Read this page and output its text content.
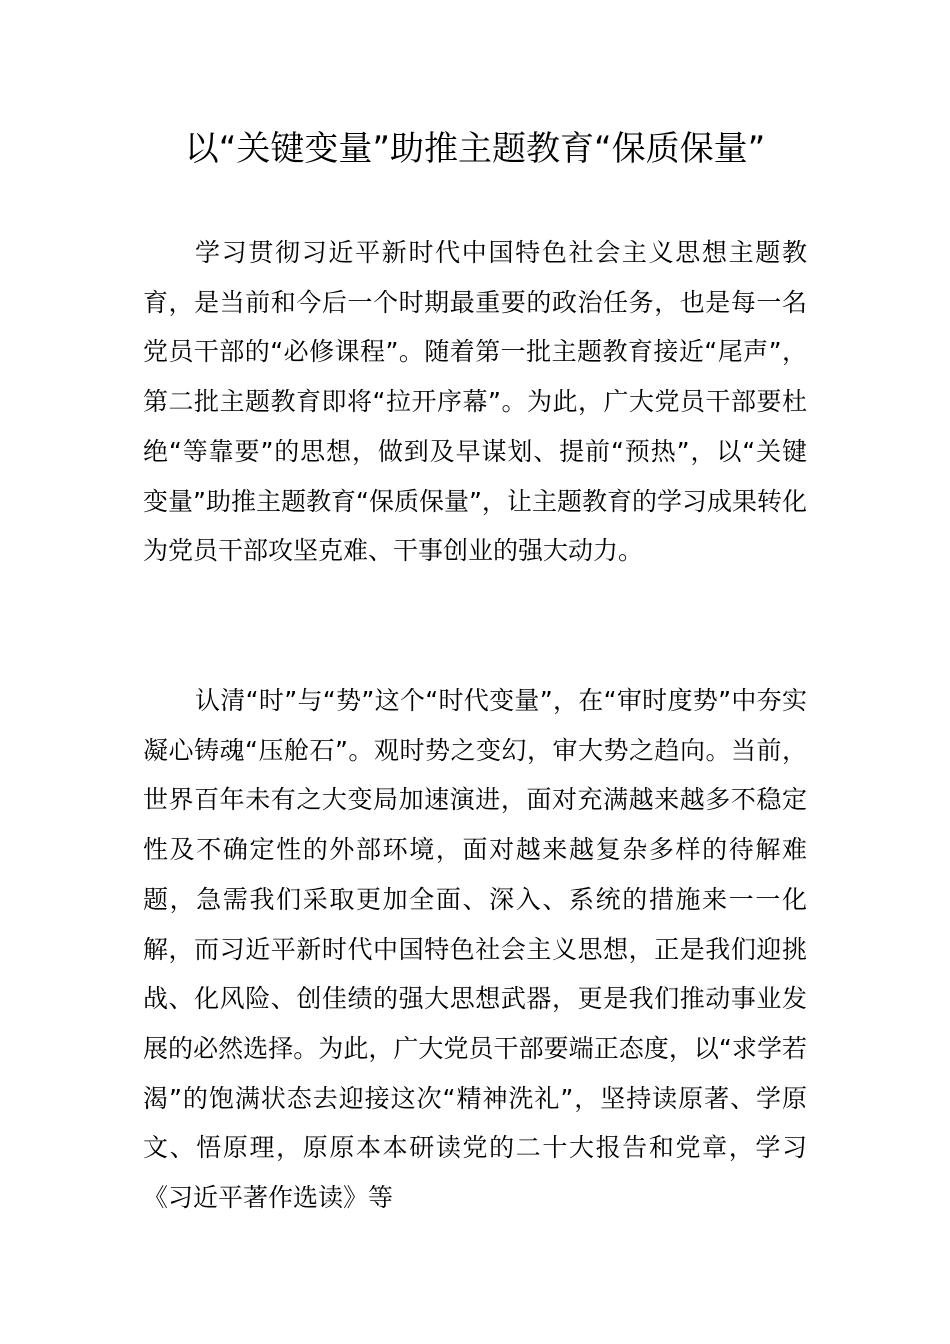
以“关键变量”助推主题教育“保质保量”

学习贯彻习近平新时代中国特色社会主义思想主题教育，是当前和今后一个时期最重要的政治任务，也是每一名党员干部的“必修课程”。随着第一批主题教育接近“尾声”，第二批主题教育即将“拉开序幕”。为此，广大党员干部要杜绝“等靠要”的思想，做到及早谋划、提前“预热”，以“关键变量”助推主题教育“保质保量”，让主题教育的学习成果转化为党员干部攻坚克难、干事创业的强大动力。

认清“时”与“势”这个“时代变量”，在“审时度势”中夯实凝心铸魂“压舱石”。观时势之变幻，审大势之趋向。当前，世界百年未有之大变局加速演进，面对充满越来越多不稳定性及不确定性的外部环境，面对越来越复杂多样的待解难题，急需我们采取更加全面、深入、系统的措施来一一化解，而习近平新时代中国特色社会主义思想，正是我们迎挑战、化风险、创佳绩的强大思想武器，更是我们推动事业发展的必然选择。为此，广大党员干部要端正态度，以“求学若渴”的饱满状态去迎接这次“精神洗礼”，坚持读原著、学原文、悟原理，原原本本研读党的二十大报告和党章，学习《习近平著作选读》等
